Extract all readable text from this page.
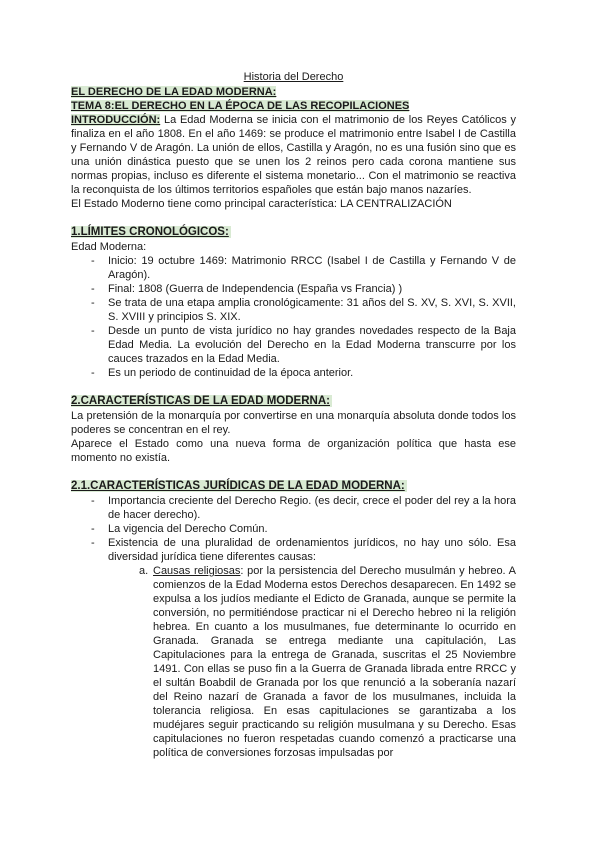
Historia del Derecho
EL DERECHO DE LA EDAD MODERNA:
TEMA 8:EL DERECHO EN LA ÉPOCA DE LAS RECOPILACIONES

INTRODUCCIÓN: La Edad Moderna se inicia con el matrimonio de los Reyes Católicos y finaliza en el año 1808. En el año 1469: se produce el matrimonio entre Isabel I de Castilla y Fernando V de Aragón. La unión de ellos, Castilla y Aragón, no es una fusión sino que es una unión dinástica puesto que se unen los 2 reinos pero cada corona mantiene sus normas propias, incluso es diferente el sistema monetario... Con el matrimonio se reactiva la reconquista de los últimos territorios españoles que están bajo manos nazaríes.

El Estado Moderno tiene como principal característica: LA CENTRALIZACIÓN

1.LÍMITES CRONOLÓGICOS:

Edad Moderna:

- Inicio: 19 octubre 1469: Matrimonio RRCC (Isabel I de Castilla y Fernando V de Aragón).
- Final: 1808 (Guerra de Independencia (España vs Francia) )
- Se trata de una etapa amplia cronológicamente: 31 años del S. XV, S. XVI, S. XVII, S. XVIII y principios S. XIX.
- Desde un punto de vista jurídico no hay grandes novedades respecto de la Baja Edad Media. La evolución del Derecho en la Edad Moderna transcurre por los cauces trazados en la Edad Media.
- Es un periodo de continuidad de la época anterior.
2.CARACTERÍSTICAS DE LA EDAD MODERNA:

La pretensión de la monarquía por convertirse en una monarquía absoluta donde todos los poderes se concentran en el rey.

Aparece el Estado como una nueva forma de organización política que hasta ese momento no existía.

2.1.CARACTERÍSTICAS JURÍDICAS DE LA EDAD MODERNA:
- Importancia creciente del Derecho Regio. (es decir, crece el poder del rey a la hora de hacer derecho).
- La vigencia del Derecho Común.
- Existencia de una pluralidad de ordenamientos jurídicos, no hay uno sólo. Esa diversidad jurídica tiene diferentes causas:
a. Causas religiosas: por la persistencia del Derecho musulmán y hebreo. A comienzos de la Edad Moderna estos Derechos desaparecen. En 1492 se expulsa a los judíos mediante el Edicto de Granada, aunque se permite la conversión, no permitiéndose practicar ni el Derecho hebreo ni la religión hebrea. En cuanto a los musulmanes, fue determinante lo ocurrido en Granada. Granada se entrega mediante una capitulación, Las Capitulaciones para la entrega de Granada, suscritas el 25 Noviembre 1491. Con ellas se puso fin a la Guerra de Granada librada entre RRCC y el sultán Boabdil de Granada por los que renunció a la soberanía nazarí del Reino nazarí de Granada a favor de los musulmanes, incluida la tolerancia religiosa. En esas capitulaciones se garantizaba a los mudéjares seguir practicando su religión musulmana y su Derecho. Esas capitulaciones no fueron respetadas cuando comenzó a practicarse una política de conversiones forzosas impulsadas por
